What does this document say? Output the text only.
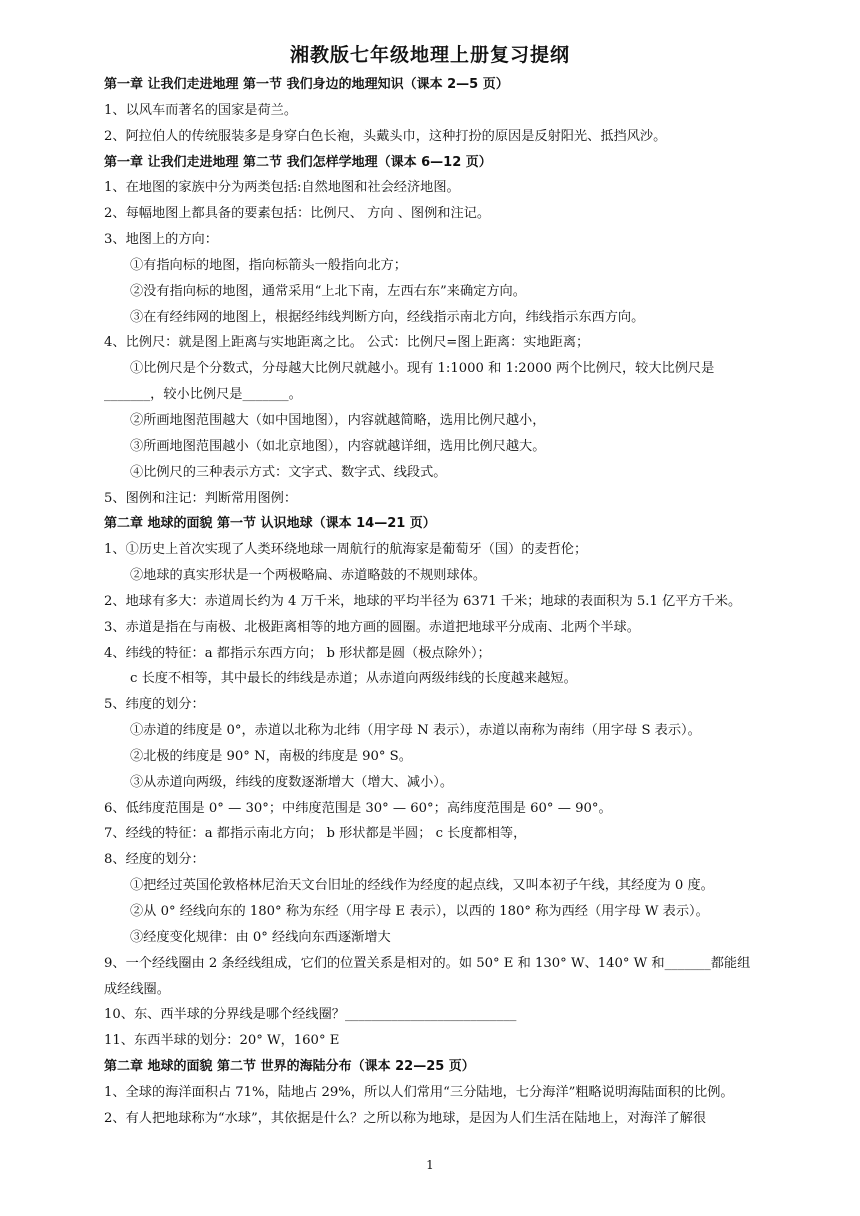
湘教版七年级地理上册复习提纲
第一章 让我们走进地理 第一节 我们身边的地理知识（课本 2—5 页）
1、以风车而著名的国家是荷兰。
2、阿拉伯人的传统服装多是身穿白色长袍，头戴头巾，这种打扮的原因是反射阳光、抵挡风沙。
第一章 让我们走进地理 第二节 我们怎样学地理（课本 6—12 页）
1、在地图的家族中分为两类包括:自然地图和社会经济地图。
2、每幅地图上都具备的要素包括：比例尺、 方向 、图例和注记。
3、地图上的方向：
①有指向标的地图，指向标箭头一般指向北方；
②没有指向标的地图，通常采用“上北下南，左西右东”来确定方向。
③在有经纬网的地图上，根据经纬线判断方向，经线指示南北方向，纬线指示东西方向。
4、比例尺：就是图上距离与实地距离之比。 公式：比例尺=图上距离：实地距离；
①比例尺是个分数式，分母越大比例尺就越小。现有 1:1000 和 1:2000 两个比例尺，较大比例尺是
_______，较小比例尺是_______。
②所画地图范围越大（如中国地图），内容就越简略，选用比例尺越小，
③所画地图范围越小（如北京地图），内容就越详细，选用比例尺越大。
④比例尺的三种表示方式：文字式、数字式、线段式。
5、图例和注记：判断常用图例：
第二章 地球的面貌 第一节 认识地球（课本 14—21 页）
1、①历史上首次实现了人类环绕地球一周航行的航海家是葡萄牙（国）的麦哲伦；
②地球的真实形状是一个两极略扁、赤道略鼓的不规则球体。
2、地球有多大：赤道周长约为 4 万千米，地球的平均半径为 6371 千米；地球的表面积为 5.1 亿平方千米。
3、赤道是指在与南极、北极距离相等的地方画的圆圈。赤道把地球平分成南、北两个半球。
4、纬线的特征：a 都指示东西方向； b 形状都是圆（极点除外）；
c 长度不相等，其中最长的纬线是赤道；从赤道向两级纬线的长度越来越短。
5、纬度的划分：
①赤道的纬度是 0°，赤道以北称为北纬（用字母 N 表示），赤道以南称为南纬（用字母 S 表示）。
②北极的纬度是 90° N，南极的纬度是 90° S。
③从赤道向两级，纬线的度数逐渐增大（增大、减小）。
6、低纬度范围是 0° — 30°；中纬度范围是 30° — 60°；高纬度范围是 60° — 90°。
7、经线的特征：a 都指示南北方向； b 形状都是半圆； c 长度都相等，
8、经度的划分：
①把经过英国伦敦格林尼治天文台旧址的经线作为经度的起点线，又叫本初子午线，其经度为 0 度。
②从 0° 经线向东的 180° 称为东经（用字母 E 表示），以西的 180° 称为西经（用字母 W 表示）。
③经度变化规律：由 0° 经线向东西逐渐增大
9、一个经线圈由 2 条经线组成，它们的位置关系是相对的。如 50° E 和 130° W、140° W 和_______都能组
成经线圈。
10、东、西半球的分界线是哪个经线圈？__________________________
11、东西半球的划分：20° W，160° E
第二章 地球的面貌 第二节 世界的海陆分布（课本 22—25 页）
1、全球的海洋面积占 71%，陆地占 29%，所以人们常用“三分陆地，七分海洋”粗略说明海陆面积的比例。
2、有人把地球称为“水球”，其依据是什么？之所以称为地球，是因为人们生活在陆地上，对海洋了解很
1
